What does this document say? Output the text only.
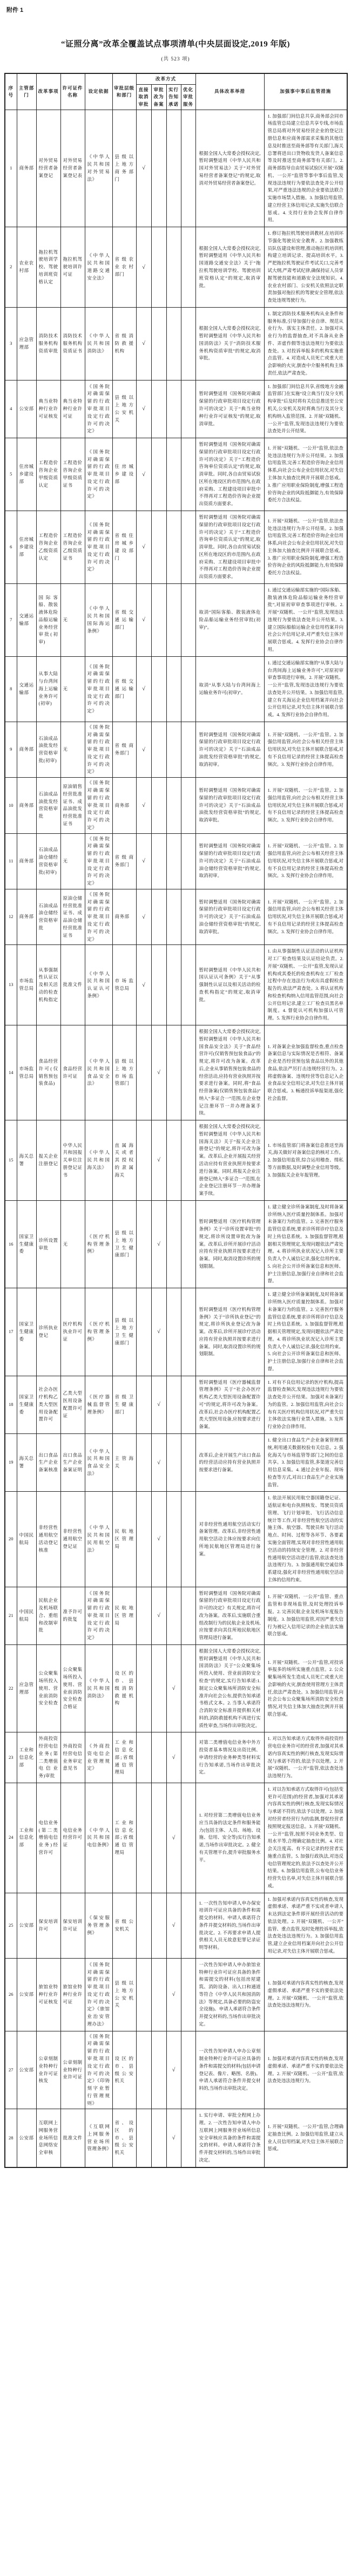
附件 1
“证照分离”改革全覆盖试点事项清单(中央层面设定,2019 年版)
(共 523 项)
序号	主管部门	改革事项	许可证件名称	设定依据	审批层级和部门	改革方式				具体改革举措	加强事中事后监管措施
						直接取消审批	审批改为备案	实行告知承诺	优化审批服务		
1	商务部	对外贸易经营者备案登记	对外贸易经营者备案登记表	《中华人民共和国对外贸易法》	县级以上地方商务部门	√				根据全国人大常委会授权决定,暂时调整适用《中华人民共和国对外贸易法》关于“对外贸易经营者备案登记”的规定,取消对外贸易经营者备案登记。	1. 加强部门间信息共享,商务部会同市场监管总局建立信息共享专线,市场监管总局将对外贸易经营企业的登记注册信息和应商务部需求采集的其他信息及时推送至商务部等有关部门,海关总署将进出口货物收发货人备案信息等及时推送至商务部等有关部门。2. 商务部指导自由贸易试验区开展“双随机、一公开”监管等事中事后监管,发现违法违规行为要依法查处并公开结果,对严重违法违规的企业要依法联合实施市场禁入措施。3. 加强信用监管,建立经营主体信用记录,实施失信联合惩戒。4. 支持行业协会发挥自律作用。
2	农业农村部	拖拉机驾驶培训学校、驾驶培训班资格认定	拖拉机驾驶培训许可证	《中华人民共和国道路交通安全法》	省级农业农村部门	√				根据全国人大常委会授权决定,暂时调整适用《中华人民共和国道路交通安全法》关于“拖拉机驾驶培训学校、驾驶培训班资格认定”的规定,取消审批。	1. 修订拖拉机驾驶培训教材,在培训环节强化驾驶员安全教育。2. 加强教练员队伍建设和管理,推动拖拉机培训机构建立培训记录、提高培训水平。3. 严把拖拉机驾驶证件考试关口,完善考试大纲,严肃考试纪律,确保持证人员掌握驾驶技能和道路安全法规知识。4. 农业农村部门、公安机关依照法定职责加强对拖拉机的驾驶安全管理,依法查处违规驾驶行为。
3	应急管理部	消防技术服务机构资质审批	消防技术服务机构资质证书	《中华人民共和国消防法》	省级消防救援机构	√				根据全国人大常委会授权决定,暂时调整适用《中华人民共和国消防法》关于“消防技术服务机构资质审批”的规定,取消审批。	1. 制定消防技术服务机构从业条件和服务标准,引导加强行业自律、规范从业行为、落实主体责任。2. 加强对从业行为的监督抽查,对不具备从业条件、弄虚作假等违法违规行为要依法查处。3. 对投诉举报多的机构实施重点监管。4. 对造成人员死亡或重大社会影响的火灾,倒查中介服务机构主体责任,依法严肃查处。
4	公安部	典当业特种行业许可证核发	典当业特种行业许可证	《国务院对确需保留的行政审批项目设定行政许可的决定》	县级以上地方公安机关	√				暂时调整适用《国务院对确需保留的行政审批项目设定行政许可的决定》关于“典当业特种行业许可证核发”的规定,取消审批。	1. 加强部门间信息共享,省级地方金融监管部门在实施“设立典当行及分支机构审批”后及时将有关信息推送至公安机关,公安机关及时将典当行及其分支机构纳入监管范围。2. 开展“双随机、一公开”监管,发现违法违规行为要依法查处并公开结果。
5	住房城乡建设部	工程造价咨询企业甲级资质认定	工程造价咨询企业甲级资质证书	《国务院对确需保留的行政审批项目设定行政许可的决定》	住房城乡建设部	√				暂时调整适用《国务院对确需保留的行政审批项目设定行政许可的决定》关于“工程造价咨询单位资质认定”的规定,取消审批。同时,各自由贸易试验区所在地设区的市范围内,在政府采购、工程建设项目审批中不得再对工程造价咨询企业提出资质方面要求。	1. 开展“双随机、一公开”监管,依法查处违法违规行为并公开结果。2. 加强信用监管,完善工程造价咨询企业信用体系,向社会公布企业信用状况,对失信主体加大抽查比例并开展联合惩戒。3. 推广应用职业保险制度,增强工程造价咨询企业的风险抵御能力,有效保障委托方合法权益。
6	住房城乡建设部	工程造价咨询企业乙级资质认定	工程造价咨询企业乙级资质证书	《国务院对确需保留的行政审批项目设定行政许可的决定》	省级住房城乡建设部门	√				暂时调整适用《国务院对确需保留的行政审批项目设定行政许可的决定》关于“工程造价咨询单位资质认定”的规定,取消审批。同时,各自由贸易试验区所在地设区的市范围内,在政府采购、工程建设项目审批中不得再对工程造价咨询企业提出资质方面要求。	1. 开展“双随机、一公开”监管,依法查处违法违规行为并公开结果。2. 加强信用监管,完善工程造价咨询企业信用体系,向社会公布企业信用状况,对失信主体加大抽查比例并开展联合惩戒。3. 推广应用职业保险制度,增强工程造价咨询企业的风险抵御能力,有效保障委托方合法权益。
7	交通运输部	国际客船、散装液体危险品船运输业务经营审批(初审)	无	《中华人民共和国国际海运条例》	省级交通运输部门	√				取消“国际客船、散装液体危险品船运输业务经营审批(初审)”。	1. 通过交通运输部实施的“国际客船、散装液体危险品船运输业务经营审批”,对原初审审查事项进行审核。2. 开展“双随机、一公开”监管,发现违法违规行为要依法查处并公开结果。3. 建立国际船舶运输企业信用档案并向社会公开信用记录,对严重失信主体开展联合惩戒。4. 发挥行业协会自律作用。
8	交通运输部	从事大陆与台湾间海上运输业务许可(初审)	无	《国务院对确需保留的行政审批项目设定行政许可的决定》	省级交通运输部门	√				取消“从事大陆与台湾间海上运输业务许可(初审)”。	1. 通过交通运输部实施的“从事大陆与台湾间海上运输业务许可”,对原初审审查事项进行审核。2. 开展“双随机、一公开”监管,发现违法违规行为要依法查处并公开结果。3. 加强信用监管,建立有关海运企业信用档案并向社会公开信用记录,对失信主体开展联合惩戒。4. 发挥行业协会自律作用。
9	商务部	石油成品油批发经营资格审批(初审)	无	《国务院对确需保留的行政审批项目设定行政许可的决定》	省级商务部门	√				暂时调整适用《国务院对确需保留的行政审批项目设定行政许可的决定》关于“石油成品油批发经营资格审批”的规定,取消初审。	1. 开展“双随机、一公开”监管。2. 加强信用监管,向社会公布相关经营主体信用状况,对失信主体开展联合惩戒,对有不良信用记录的经营主体提高检查频次。3. 发挥行业协会自律作用。
10	商务部	石油成品油批发经营资格审批	原油销售经营批准证书、成品油批发经营批准证书	《国务院对确需保留的行政审批项目设定行政许可的决定》	商务部	√				暂时调整适用《国务院对确需保留的行政审批项目设定行政许可的决定》关于“石油成品油批发经营资格审批”的规定,取消审批。	1. 开展“双随机、一公开”监管。2. 加强信用监管,向社会公布相关经营主体信用状况,对失信主体开展联合惩戒,对有不良信用记录的经营主体提高检查频次。3. 发挥行业协会自律作用。
11	商务部	石油成品油仓储经营资格审批(初审)	无	《国务院对确需保留的行政审批项目设定行政许可的决定》	省级商务部门	√				暂时调整适用《国务院对确需保留的行政审批项目设定行政许可的决定》关于“石油成品油仓储经营资格审批”的规定,取消初审。	1. 开展“双随机、一公开”监管。2. 加强信用监管,向社会公布相关经营主体信用状况,对失信主体开展联合惩戒,对有不良信用记录的经营主体提高检查频次。3. 发挥行业协会自律作用。
12	商务部	石油成品油仓储经营资格审批	原油仓储经营批准证书、成品油仓储经营批准证书	《国务院对确需保留的行政审批项目设定行政许可的决定》	商务部	√				暂时调整适用《国务院对确需保留的行政审批项目设定行政许可的决定》关于“石油成品油仓储经营资格审批”的规定,取消审批。	1. 开展“双随机、一公开”监管。2. 加强信用监管,向社会公布相关经营主体信用状况,对失信主体开展联合惩戒,对有不良信用记录的经营主体提高检查频次。3. 发挥行业协会自律作用。
13	市场监管总局	从事强制性认证以及相关活动的检查机构指定	批准文件	《中华人民共和国认证认可条例》	市场监管总局	√				暂时调整适用《中华人民共和国认证认可条例》关于“从事强制性认证以及相关活动的检查机构指定”的规定,取消审批。	1. 由从事强制性认证活动的认证机构对工厂检查结果及认证结论负责。2. 开展“双随机、一公开”监管,发现认证机构或其委托的检查机构在工厂检查过程中存在违法行为或出具虚假检查报告的,依法严肃查处。3. 将认证机构和检查机构纳入信用监管范围,向社会公开信用记录,建立工厂检查员黑名单制度。4. 督促认可机构加强认可管理。5. 发挥行业协会自律作用。
14	市场监管总局	食品经营许可(仅销售预包装食品)	食品经营许可证	《中华人民共和国食品安全法》	县级以上地方市场监管部门		√			根据全国人大常委会授权决定,暂时调整适用《中华人民共和国食品安全法》关于“食品经营许可(仅销售预包装食品)”的规定,将许可改为备案。改革后,企业从事销售预包装食品的经营活动,应持有营业执照并按要求进行备案。同时,将“食品经营备案(仅销售预包装食品)”纳入“多证合一”范围,在企业登记注册环节一并办理备案手续。	1. 对备案企业加强监督检查,重点检查备案信息与实际情况是否相符、备案企业是否经营预包装食品以外的其他食品,依法严厉打击违规经营行为。2. 将虚假备案、违规经营等信息记入企业食品安全信用记录,对失信主体开展联合惩戒。3. 畅通投诉举报渠道,强化社会监督。
15	海关总署	报关企业注册登记	中华人民共和国报关单位注册登记证书	《中华人民共和国海关法》	直属海关或者其授权的隶属海关		√			根据全国人大常委会授权决定,暂时调整适用《中华人民共和国海关法》关于“报关企业注册登记”的规定,将许可改为备案。改革后,企业开展报关经营活动应持有营业执照并按要求进行备案。同时,将报关企业注册登记纳入“多证合一”范围,在企业登记注册环节一并办理备案手续。	1. 市场监管部门将备案信息推送至海关,海关做好对备案信息的核对工作。2. 加强信用监管,综合运用稽查、缉私等方面数据,及时调整企业信用等级。3. 加强报关企业年报管理。
16	国家卫生健康委	诊所设置审批	无	《医疗机构管理条例》	县级以上地方卫生健康部门		√			暂时调整适用《医疗机构管理条例》关于“诊所设置审批”的规定,将诊所设置审批改为备案。改革后,诊所开展诊疗活动应持有营业执照并按要求进行备案。同时,取消设置诊所的规划限制。	1. 建立健全诊所备案制度,及时将备案诊所纳入医疗质量控制体系。加强对未备案行为的监管。2. 完善医疗服务监管信息系统,要求诊所将诊疗信息及时上传信息系统。3. 加强监督管理,根据相关管理规定,发现问题依法严肃处理。4. 将诊所执业状况记入诊所主要负责人个人诚信记录,强化信用约束。5. 向社会公开诊所备案信息和医师、护士注册信息,加强行业自律和社会监督。
17	国家卫生健康委	诊所执业登记	医疗机构执业许可证	《医疗机构管理条例》	县级以上地方卫生健康部门		√			暂时调整适用《医疗机构管理条例》关于“诊所执业登记”的规定,将诊所执业登记改为备案。改革后,诊所开展诊疗活动应持有营业执照并按要求进行备案。同时,取消设置诊所的规划限制。	1. 建立健全诊所备案制度,及时将备案诊所纳入医疗质量控制体系。加强对未备案行为的监管。2. 完善医疗服务监管信息系统,要求诊所将诊疗信息及时上传信息系统。3. 加强监督管理,根据相关管理规定,发现问题依法严肃处理。4. 将诊所执业状况记入诊所主要负责人个人诚信记录,强化信用约束。5. 向社会公开诊所备案信息和医师、护士注册信息,加强行业自律和社会监督。
18	国家卫生健康委	社会办医疗机构乙类大型医用设备配置许可	乙类大型医用设备配置许可证	《医疗器械监督管理条例》	省级卫生健康部门		√			暂时调整适用《医疗器械监督管理条例》关于“社会办医疗机构乙类大型医用设备配置许可”的规定,将许可改为备案。改革后,社会办医疗机构配置乙类大型医用设备,应按要求进行备案。	1. 对有不良信用记录的医疗机构,提高监督检查频次,发现违法违规行为要依法查处并公开结果。加强对未备案行为的监管。2. 加强信用监管,向社会公布有关医疗机构信用状况,对严重失信主体依法实施行业禁入措施。3. 发挥行业协会自律作用。
19	海关总署	出口食品生产企业备案核准	出口食品生产企业备案证明	《中华人民共和国食品安全法》	主管海关		√			改革后,企业开展生产出口食品的经营活动应持有营业执照并按要求进行备案。	1. 健全出口食品生产企业备案管理系统,利用通关数据校验有关信息。2. 强化海关与市场监管等部门之间的信息共享。3. 加强信用监管,多渠道完善信用信息采集。4. 通过企业年报、现场检查等方式,对出口食品生产企业实施监管。
20	中国民航局	非经营性通用航空活动登记核准	非经营性通用航空登记证	《中华人民共和国民用航空法》	民航地区管理局		√			对非经营性通用航空活动实行备案管理。改革后,非经营性通用航空活动主体应按要求向住所地民航地区管理局进行备案。	1. 依法开展民用航空器国籍登记证、适航证和电台执照核发、驾驶员资质管理、飞行计划审批、飞行活动信息统计等工作,对非经营性航空活动的实施主体、航空器、驾驶员和飞行活动地点、时间、过程等各环节、各要素实施全面管理,实现对非经营性通用航空活动的持续安全管理。2. 对非经营性通用航空活动进行监管,依法查处违法违规行为。3. 加强通用航空诚信体系建设,强化对非经营性通用航空活动主体的信用约束。
21	中国民航局	民航企业及机场联合、重组和改制审批	准予许可的批复	《国务院对确需保留的行政审批项目设定行政许可的决定》	民航地区管理局		√			暂时调整适用《国务院对确需保留的行政审批项目设定行政许可的决定》有关规定,将许可改为备案。改革后,实施联合重组改制行为的民航企业及机场,应按要求向其住所地民航地区管理局进行备案。	1. 开展“双随机、一公开”监管、重点监管和非现场监管,及时处理投诉举报。2. 完善民航企业及机场年度报告制度。3. 加强信用监管,对因严重失信行为被记入信用记录的企业依法实施联合惩戒。
22	应急管理部	公众聚集场所投入使用、营业前消防安全检查	公众聚集场所投入使用、营业前消防安全检查合格证	《中华人民共和国消防法》	设区的市、县级消防救援机构			√		根据全国人大常委会授权决定,暂时调整适用《中华人民共和国消防法》关于“公众聚集场所投入使用、营业前消防安全检查”的规定,实行告知承诺:1. 制定公众聚集场所消防安全标准并向社会公布,提供告知承诺书格式文本。2. 当事人承诺符合消防安全标准并提供相关材料的,消防救援机构不再进行实质性审查,当场作出审批决定。	1. 开展“双随机、一公开”监管,对投诉举报多的场所实施重点监管。2. 公众聚集场所发生造成人员死亡或重大社会影响的火灾,倒查使用管理方主体责任,依法严肃查处。3. 加强信用监管,向社会公布公众聚集场所消防安全检查情况,对失信主体加大抽查比例并开展联合惩戒。
23	工业和信息化部	外商投资经营电信业务(第二类增值电信业务)审批	外商投资经营电信业务审定意见书	《外商投资电信企业管理规定》	工业和信息化部;省级通信管理局			√		对第二类增值电信业务中外方投资者基本情况及出资比例、申请经营的业务种类等材料实行告知承诺,当场作出审批决定。	1. 对以告知承诺方式取得外商投资经营电信业务许可的经营者,加强对其承诺内容真实性的例行核查,发现实际情况与承诺不符的,依法予以处理。2. 开展“双随机、一公开”监管,依法查处违法违规行为。
24	工业和信息化部	电信业务(第二类增值电信业务)经营许可	电信业务经营许可证	《中华人民共和国电信条例》	工业和信息化部;省级通信管理局			√		1. 对经营第二类增值电信业务应当具备的法定条件和服务能力(包括主体、人员、场地、设施、信用、安全等)实行告知承诺,当场作出审批决定。2. 健全有关管理平台,提升审批服务水平。	1. 对以告知承诺方式取得许可(包括变更许可范围)的经营者,加强对其承诺内容真实性的例行核查,发现实际情况与承诺不符的,依法予以处理。2. 加强对经营者经营行为的监测,督促经营者按照规定报送信息。3. 开展“双随机、一公开”监管,按照不同业务类型、信用水平等,合理确定抽查比例。4. 对社会关注度高、有不良记录的经营者实施重点监管。5. 加强行政执法,对违反电信管理规定的,依法予以查处并公开结果。6. 加强信用监管,公布电信业务经营失信名单,对失信主体开展联合惩戒。
25	公安部	保安培训许可	保安培训许可证	《保安服务管理条例》	省级公安机关			√		1. 一次性告知申请人申办保安培训许可证应具备的条件和需提交的材料。申请人承诺符合条件并提交材料的,当场作出审批决定。2. 不再要求申请人提供相关人员无故意犯罪记录证明等材料。	1. 加强对承诺内容真实性的核查,发现虚假承诺、承诺严重不实或者申请人未达到法定条件即开展经营活动的要依法处理。2. 开展“双随机、一公开”监管、重点监管,及时处理投诉举报,依法查处违法违规行为。3. 加强信用监管,建立企业信用档案并向社会公开信用记录,对失信主体开展联合惩戒。
26	公安部	旅馆业特种行业许可证核发	旅馆业特种行业许可证	《国务院对确需保留的行政审批项目设定行政许可的决定》《旅馆业治安管理办法》	县级以上地方公安机关			√		一次性告知申请人申办旅馆业特种行业许可证应具备的条件和需提交的材料(包括房屋建筑、消防设备、出入口和通道等符合《中华人民共和国消防法》等规定,具备必要的防盗安全设施)。申请人承诺符合条件并提交材料的,当场作出审批决定。	1. 加强对承诺内容真实性的核查,发现虚假承诺、承诺严重不实的要依法处理。2. 开展“双随机、一公开”监管,依法查处违法违规行为。
27	公安部	公章刻制业特种行业许可证核发	公章刻制业特种行业许可证	《国务院对确需保留的行政审批项目设定行政许可的决定》《印铸刻字业暂行管理规则》	设区的市、县级公安机关			√		一次性告知申请人申办公章刻制业特种行业许可证应具备的条件和需提交的材料(包括申请登记表、像片、略图、名册)。申请人承诺符合条件并提交材料的,当场作出审批决定。	1. 加强对承诺内容真实性的核查,发现虚假承诺、承诺严重不实的要依法处理。2. 开展“双随机、一公开”监管,依法查处违法违规行为。
28	公安部	互联网上网服务营业场所信息网络安全审核	批准文件	《互联网上网服务营业场所管理条例》	省、设区的市、县级公安机关			√		1. 实行申请、审批全程网上办理。2. 一次性告知申请人申办互联网上网服务营业场所信息安全审核应具备的条件和需提交的材料。申请人承诺符合条件并提交材料的,当场作出审批决定。	1. 开展“双随机、一公开”监管,合理确定抽查比例。2. 加强信用监管,建立从业人员信用档案,对失信主体开展联合惩戒。
